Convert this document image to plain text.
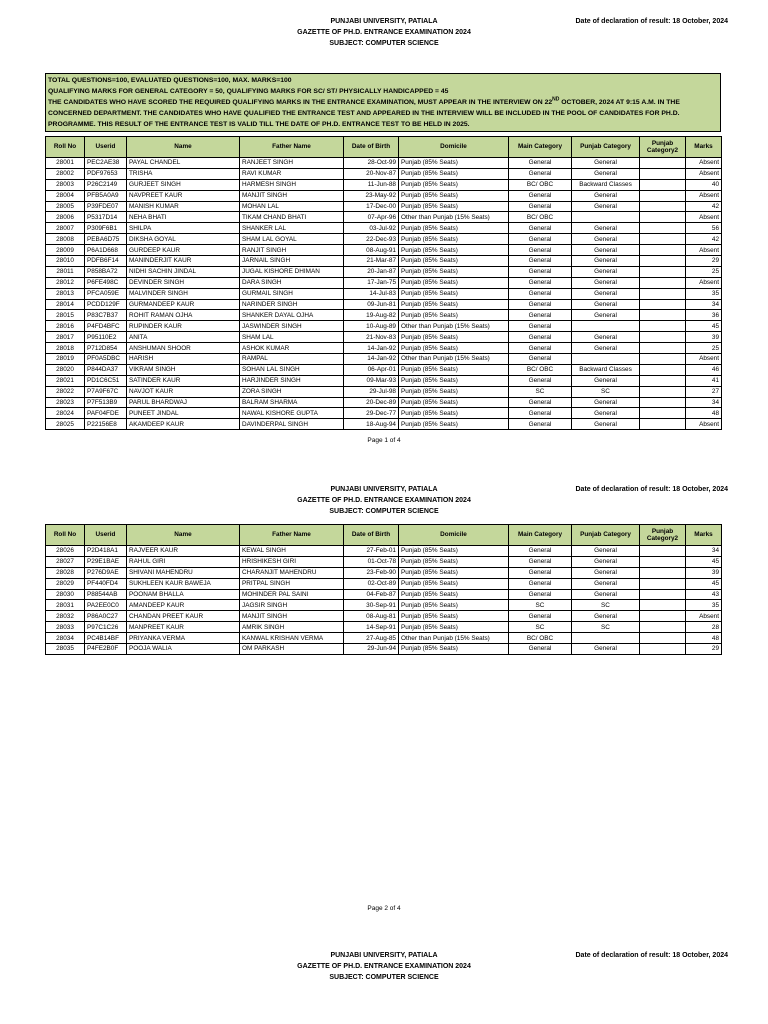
PUNJABI UNIVERSITY, PATIALA
GAZETTE OF PH.D. ENTRANCE EXAMINATION 2024
SUBJECT: COMPUTER SCIENCE
Date of declaration of result: 18 October, 2024

TOTAL QUESTIONS=100, EVALUATED QUESTIONS=100, MAX. MARKS=100

QUALIFYING MARKS FOR GENERAL CATEGORY = 50, QUALIFYING MARKS FOR SC/ ST/ PHYSICALLY HANDICAPPED = 45

THE CANDIDATES WHO HAVE SCORED THE REQUIRED QUALIFYING MARKS IN THE ENTRANCE EXAMINATION, MUST APPEAR IN THE INTERVIEW ON 22ND OCTOBER, 2024 AT 9:15 A.M. IN THE CONCERNED DEPARTMENT. THE CANDIDATES WHO HAVE QUALIFIED THE ENTRANCE TEST AND APPEARED IN THE INTERVIEW WILL BE INCLUDED IN THE POOL OF CANDIDATES FOR PH.D. PROGRAMME. THIS RESULT OF THE ENTRANCE TEST IS VALID TILL THE DATE OF PH.D. ENTRANCE TEST TO BE HELD IN 2025.

Roll No	Userid	Name	Father Name	Date of Birth	Domicile	Main Category	Punjab Category	Punjab Category2	Marks
28001	PEC2AE38	PAYAL CHANDEL	RANJEET SINGH	28-Oct-99	Punjab (85% Seats)	General	General		Absent
28002	PDF97653	TRISHA	RAVI KUMAR	20-Nov-87	Punjab (85% Seats)	General	General		Absent
28003	P26C2149	GURJEET SINGH	HARMESH SINGH	11-Jun-88	Punjab (85% Seats)	BC/ OBC	Backward Classes		40
28004	PFB5A0A9	NAVPREET KAUR	MANJIT SINGH	23-May-92	Punjab (85% Seats)	General	General		Absent
28005	P39FDE07	MANISH KUMAR	MOHAN LAL	17-Dec-00	Punjab (85% Seats)	General	General		42
28006	P5317D14	NEHA BHATI	TIKAM CHAND BHATI	07-Apr-96	Other than Punjab (15% Seats)	BC/ OBC			Absent
28007	P309F6B1	SHILPA	SHANKER LAL	03-Jul-92	Punjab (85% Seats)	General	General		56
28008	PEBA6D75	DIKSHA GOYAL	SHAM LAL GOYAL	22-Dec-93	Punjab (85% Seats)	General	General		42
28009	P6A1D668	GURDEEP KAUR	RANJIT SINGH	08-Aug-91	Punjab (85% Seats)	General	General		Absent
28010	PDFB6F14	MANINDERJIT KAUR	JARNAIL SINGH	21-Mar-87	Punjab (85% Seats)	General	General		29
28011	P858BA72	NIDHI SACHIN JINDAL	JUGAL KISHORE DHIMAN	20-Jan-87	Punjab (85% Seats)	General	General		25
28012	P6FE498C	DEVINDER SINGH	DARA SINGH	17-Jan-75	Punjab (85% Seats)	General	General		Absent
28013	PFCA059E	MALVINDER SINGH	GURMAIL SINGH	14-Jul-83	Punjab (85% Seats)	General	General		35
28014	PCDD129F	GURMANDEEP KAUR	NARINDER SINGH	09-Jun-81	Punjab (85% Seats)	General	General		34
28015	P83C7B37	ROHIT RAMAN OJHA	SHANKER DAYAL OJHA	19-Aug-82	Punjab (85% Seats)	General	General		36
28016	P4FD4BFC	RUPINDER KAUR	JASWINDER SINGH	10-Aug-89	Other than Punjab (15% Seats)	General			45
28017	P95110E2	ANITA	SHAM LAL	21-Nov-83	Punjab (85% Seats)	General	General		39
28018	P712D854	ANSHUMAN SHOOR	ASHOK KUMAR	14-Jan-92	Punjab (85% Seats)	General	General		25
28019	PF0A5DBC	HARISH	RAMPAL	14-Jan-92	Other than Punjab (15% Seats)	General			Absent
28020	P844DA37	VIKRAM SINGH	SOHAN LAL SINGH	06-Apr-01	Punjab (85% Seats)	BC/ OBC	Backward Classes		46
28021	PD1C6C51	SATINDER KAUR	HARJINDER SINGH	09-Mar-93	Punjab (85% Seats)	General	General		41
28022	P7A9F67C	NAVJOT KAUR	ZORA SINGH	29-Jul-98	Punjab (85% Seats)	SC	SC		27
28023	P7F513B9	PARUL BHARDWAJ	BALRAM SHARMA	20-Dec-89	Punjab (85% Seats)	General	General		34
28024	PAF04FDE	PUNEET JINDAL	NAWAL KISHORE GUPTA	29-Dec-77	Punjab (85% Seats)	General	General		48
28025	P22156E8	AKAMDEEP KAUR	DAVINDERPAL SINGH	18-Aug-94	Punjab (85% Seats)	General	General		Absent
Page 1 of 4
PUNJABI UNIVERSITY, PATIALA
GAZETTE OF PH.D. ENTRANCE EXAMINATION 2024
SUBJECT: COMPUTER SCIENCE
Date of declaration of result: 18 October, 2024
Roll No	Userid	Name	Father Name	Date of Birth	Domicile	Main Category	Punjab Category	Punjab Category2	Marks
28026	P2D418A1	RAJVEER KAUR	KEWAL SINGH	27-Feb-01	Punjab (85% Seats)	General	General		34
28027	P29E1BAE	RAHUL GIRI	HRISHIKESH GIRI	01-Oct-78	Punjab (85% Seats)	General	General		45
28028	P276D9AE	SHIVANI MAHENDRU	CHARANJIT MAHENDRU	23-Feb-90	Punjab (85% Seats)	General	General		39
28029	PF440FD4	SUKHLEEN KAUR BAWEJA	PRITPAL SINGH	02-Oct-89	Punjab (85% Seats)	General	General		45
28030	P88544AB	POONAM BHALLA	MOHINDER PAL SAINI	04-Feb-87	Punjab (85% Seats)	General	General		43
28031	PA2EE0C0	AMANDEEP KAUR	JAGSIR SINGH	30-Sep-91	Punjab (85% Seats)	SC	SC		35
28032	P86A0C27	CHANDAN PREET KAUR	MANJIT SINGH	08-Aug-81	Punjab (85% Seats)	General	General		Absent
28033	P97C1C26	MANPREET KAUR	AMRIK SINGH	14-Sep-91	Punjab (85% Seats)	SC	SC		28
28034	PC4B14BF	PRIYANKA VERMA	KANWAL KRISHAN VERMA	27-Aug-85	Other than Punjab (15% Seats)	BC/ OBC			48
28035	P4FE2B0F	POOJA WALIA	OM PARKASH	29-Jun-94	Punjab (85% Seats)	General	General		29
Page 2 of 4
PUNJABI UNIVERSITY, PATIALA
GAZETTE OF PH.D. ENTRANCE EXAMINATION 2024
SUBJECT: COMPUTER SCIENCE
Date of declaration of result: 18 October, 2024
